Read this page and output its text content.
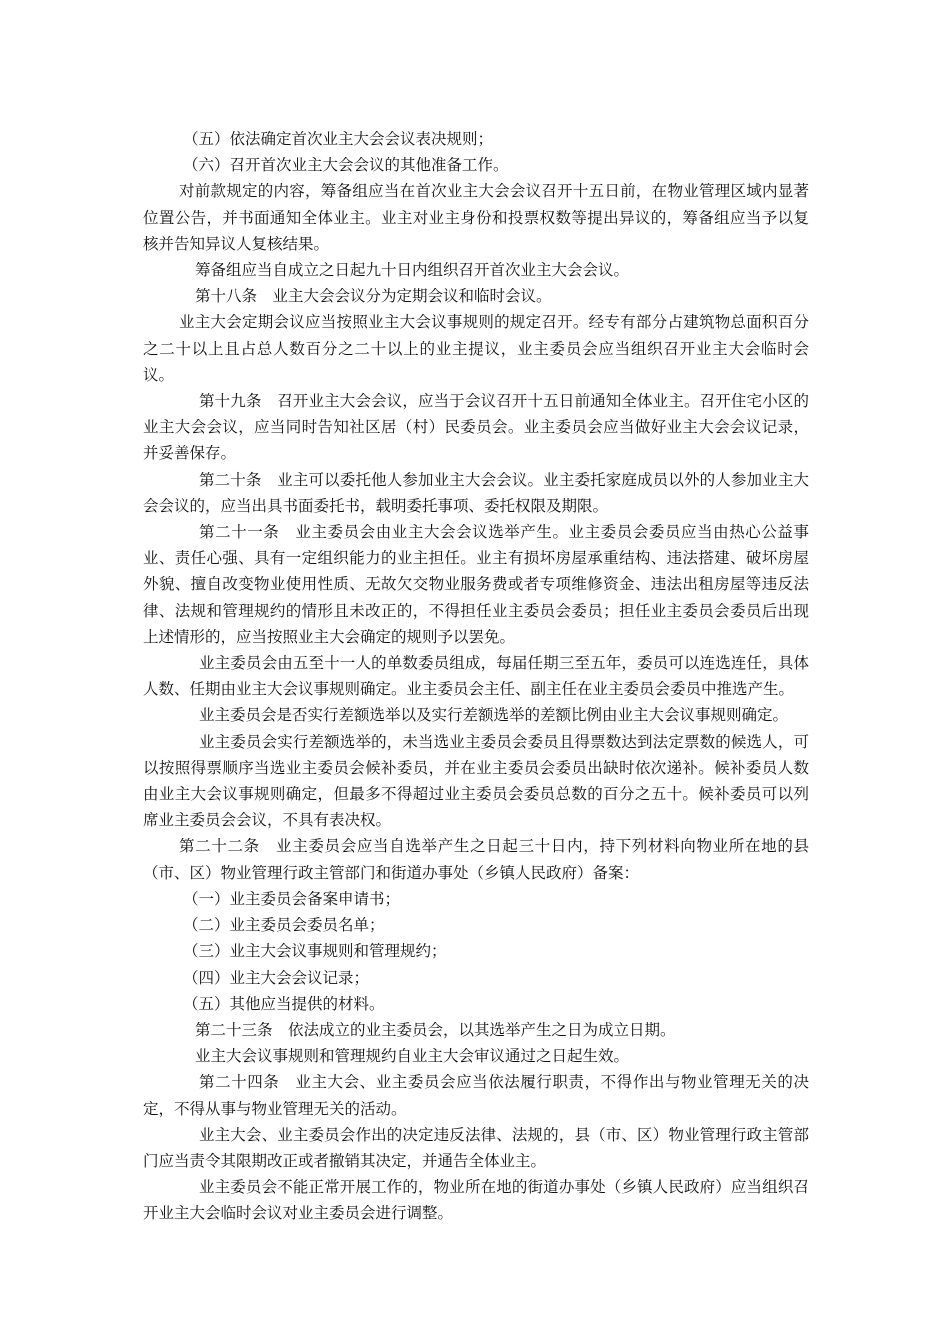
（五）依法确定首次业主大会会议表决规则；

（六）召开首次业主大会会议的其他准备工作。

对前款规定的内容，筹备组应当在首次业主大会会议召开十五日前，在物业管理区域内显著位置公告，并书面通知全体业主。业主对业主身份和投票权数等提出异议的，筹备组应当予以复核并告知异议人复核结果。

筹备组应当自成立之日起九十日内组织召开首次业主大会会议。

第十八条　业主大会会议分为定期会议和临时会议。

业主大会定期会议应当按照业主大会议事规则的规定召开。经专有部分占建筑物总面积百分之二十以上且占总人数百分之二十以上的业主提议，业主委员会应当组织召开业主大会临时会议。

第十九条　召开业主大会会议，应当于会议召开十五日前通知全体业主。召开住宅小区的业主大会会议，应当同时告知社区居（村）民委员会。业主委员会应当做好业主大会会议记录，并妥善保存。

第二十条　业主可以委托他人参加业主大会会议。业主委托家庭成员以外的人参加业主大会会议的，应当出具书面委托书，载明委托事项、委托权限及期限。

第二十一条　业主委员会由业主大会会议选举产生。业主委员会委员应当由热心公益事业、责任心强、具有一定组织能力的业主担任。业主有损坏房屋承重结构、违法搭建、破坏房屋外貌、擅自改变物业使用性质、无故欠交物业服务费或者专项维修资金、违法出租房屋等违反法律、法规和管理规约的情形且未改正的，不得担任业主委员会委员；担任业主委员会委员后出现上述情形的，应当按照业主大会确定的规则予以罢免。

业主委员会由五至十一人的单数委员组成，每届任期三至五年，委员可以连选连任，具体人数、任期由业主大会议事规则确定。业主委员会主任、副主任在业主委员会委员中推选产生。

业主委员会是否实行差额选举以及实行差额选举的差额比例由业主大会议事规则确定。

业主委员会实行差额选举的，未当选业主委员会委员且得票数达到法定票数的候选人，可以按照得票顺序当选业主委员会候补委员，并在业主委员会委员出缺时依次递补。候补委员人数由业主大会议事规则确定，但最多不得超过业主委员会委员总数的百分之五十。候补委员可以列席业主委员会会议，不具有表决权。

第二十二条　业主委员会应当自选举产生之日起三十日内，持下列材料向物业所在地的县（市、区）物业管理行政主管部门和街道办事处（乡镇人民政府）备案：

（一）业主委员会备案申请书；

（二）业主委员会委员名单；

（三）业主大会议事规则和管理规约；

（四）业主大会会议记录；

（五）其他应当提供的材料。

第二十三条　依法成立的业主委员会，以其选举产生之日为成立日期。

业主大会议事规则和管理规约自业主大会审议通过之日起生效。

第二十四条　业主大会、业主委员会应当依法履行职责，不得作出与物业管理无关的决定，不得从事与物业管理无关的活动。

业主大会、业主委员会作出的决定违反法律、法规的，县（市、区）物业管理行政主管部门应当责令其限期改正或者撤销其决定，并通告全体业主。

业主委员会不能正常开展工作的，物业所在地的街道办事处（乡镇人民政府）应当组织召开业主大会临时会议对业主委员会进行调整。
